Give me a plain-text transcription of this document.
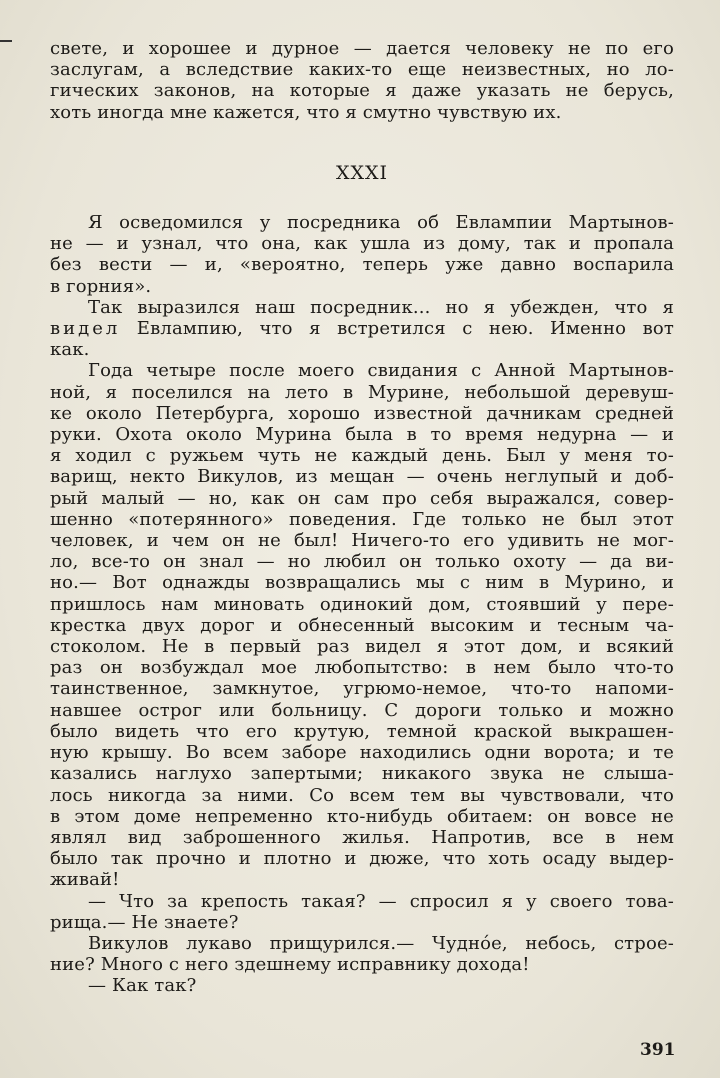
свете, и хорошее и дурное — дается человеку не по его
заслугам, а вследствие каких-то еще неизвестных, но ло-
гических законов, на которые я даже указать не берусь,
хоть иногда мне кажется, что я смутно чувствую их.
XXXI
Я осведомился у посредника об Евлампии Мартынов-
не — и узнал, что она, как ушла из дому, так и пропала
без вести — и, «вероятно, теперь уже давно воспарила
в горния».
Так выразился наш посредник... но я убежден, что я
видел Евлампию, что я встретился с нею. Именно вот
как.
Года четыре после моего свидания с Анной Мартынов-
ной, я поселился на лето в Мурине, небольшой деревуш-
ке около Петербурга, хорошо известной дачникам средней
руки. Охота около Мурина была в то время недурна — и
я ходил с ружьем чуть не каждый день. Был у меня то-
варищ, некто Викулов, из мещан — очень неглупый и доб-
рый малый — но, как он сам про себя выражался, совер-
шенно «потерянного» поведения. Где только не был этот
человек, и чем он не был! Ничего-то его удивить не мог-
ло, все-то он знал — но любил он только охоту — да ви-
но.— Вот однажды возвращались мы с ним в Мурино, и
пришлось нам миновать одинокий дом, стоявший у пере-
крестка двух дорог и обнесенный высоким и тесным ча-
стоколом. Не в первый раз видел я этот дом, и всякий
раз он возбуждал мое любопытство: в нем было что-то
таинственное, замкнутое, угрюмо-немое, что-то напоми-
навшее острог или больницу. С дороги только и можно
было видеть что его крутую, темной краской выкрашен-
ную крышу. Во всем заборе находились одни ворота; и те
казались наглухо запертыми; никакого звука не слыша-
лось никогда за ними. Со всем тем вы чувствовали, что
в этом доме непременно кто-нибудь обитаем: он вовсе не
являл вид заброшенного жилья. Напротив, все в нем
было так прочно и плотно и дюже, что хоть осаду выдер-
живай!
— Что за крепость такая? — спросил я у своего това-
рища.— Не знаете?
Викулов лукаво прищурился.— Чудно́е, небось, строе-
ние? Много с него здешнему исправнику дохода!
— Как так?
391
